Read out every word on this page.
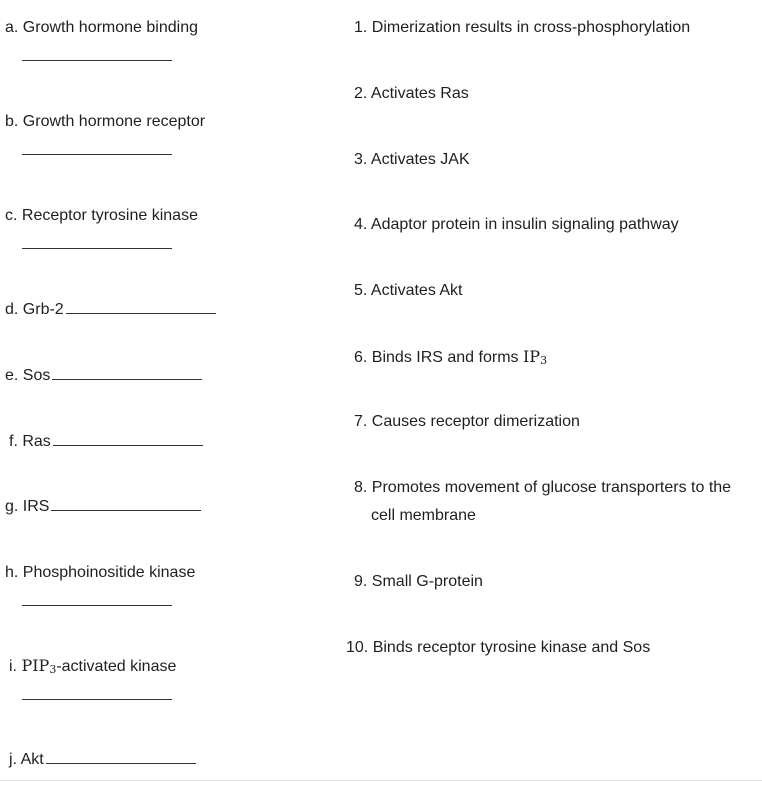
a. Growth hormone binding
b. Growth hormone receptor
c. Receptor tyrosine kinase
d. Grb-2
e. Sos
f. Ras
g. IRS
h. Phosphoinositide kinase
i. PIP3-activated kinase
j. Akt
1. Dimerization results in cross-phosphorylation
2. Activates Ras
3. Activates JAK
4. Adaptor protein in insulin signaling pathway
5. Activates Akt
6. Binds IRS and forms IP3
7. Causes receptor dimerization
8. Promotes movement of glucose transporters to the
cell membrane
9. Small G-protein
10. Binds receptor tyrosine kinase and Sos
